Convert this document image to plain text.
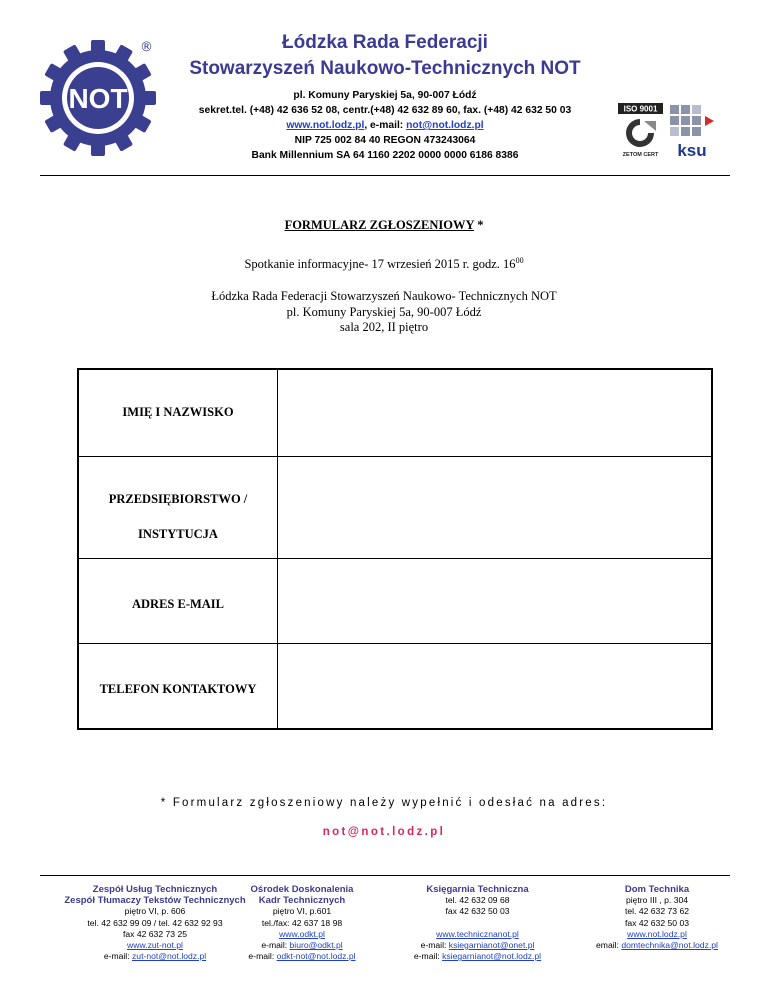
NOT
®	Łódzka Rada Federacji
Stowarzyszeń Naukowo-Technicznych NOT
pl. Komuny Paryskiej 5a, 90-007 Łódź
sekret.tel. (+48) 42 636 52 08, centr.(+48) 42 632 89 60, fax. (+48) 42 632 50 03
www.not.lodz.pl, e-mail: not@not.lodz.pl
NIP 725 002 84 40 REGON 473243064
Bank Millennium SA 64 1160 2202 0000 0000 6186 8386
ISO 9001
ZETOM CERT ksu
FORMULARZ ZGŁOSZENIOWY *
Spotkanie informacyjne- 17 wrzesień 2015 r. godz. $16^{00}$
Łódzka Rada Federacji Stowarzyszeń Naukowo- Technicznych NOT
pl. Komuny Paryskiej 5a, 90-007 Łódź
sala 202, II piętro
IMIĘ I NAZWISKO
PRZEDSIĘBIORSTWO /
INSTYTUCJA
ADRES E-MAIL
TELEFON KONTAKTOWY
* Formularz zgłoszeniowy należy wypełnić i odesłać na adres:
not@not.lodz.pl
Zespół Usług Technicznych
Zespół Tłumaczy Tekstów Technicznych
piętro VI, p. 606
tel. 42 632 99 09 / tel. 42 632 92 93
fax 42 632 73 25
www.zut-not.pl
e-mail: zut-not@not.lodz.pl
Ośrodek Doskonalenia
Kadr Technicznych
piętro VI, p.601
tel./fax: 42 637 18 98
www.odkt.pl
e-mail: biuro@odkt.pl
e-mail: odkt-not@not.lodz.pl
Księgarnia Techniczna
tel. 42 632 09 68
fax 42 632 50 03
www.technicznanot.pl
e-mail: ksiegarnianot@onet.pl
e-mail: ksiegarnianot@not.lodz.pl
Dom Technika
piętro III , p. 304
tel. 42 632 73 62
fax 42 632 50 03
www.not.lodz.pl
email: domtechnika@not.lodz.pl
